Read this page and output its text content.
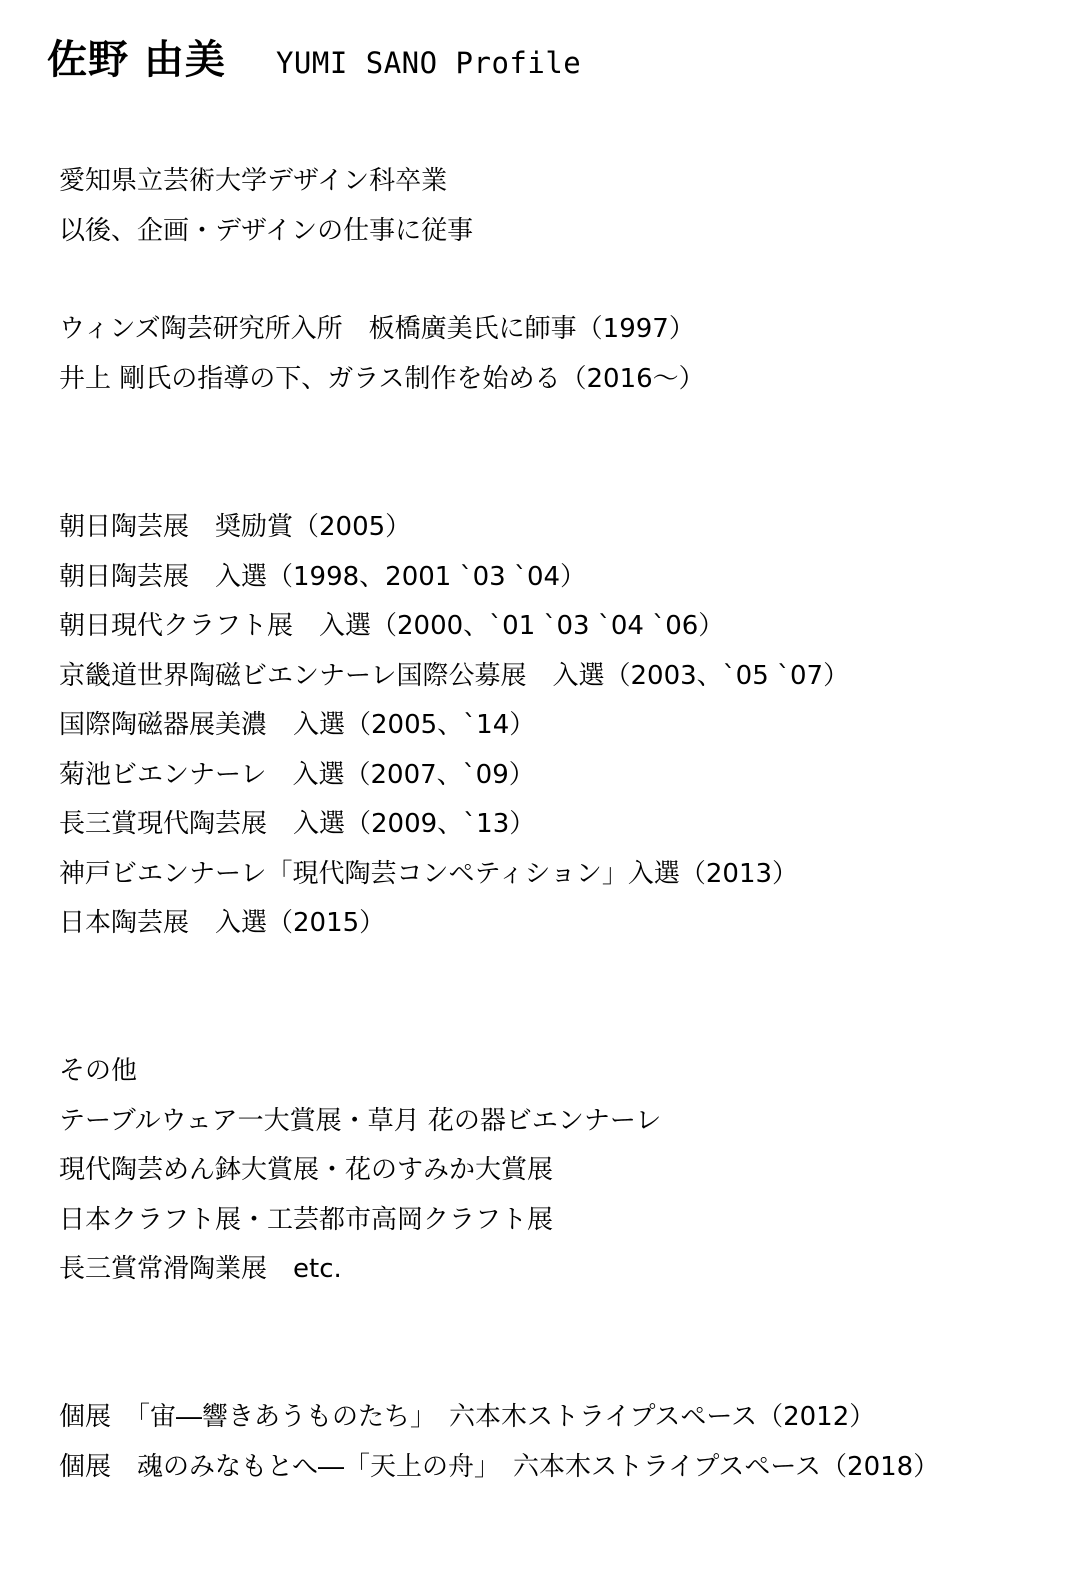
佐野 由美 YUMI SANO Profile
愛知県立芸術大学デザイン科卒業
以後、企画・デザインの仕事に従事
ウィンズ陶芸研究所入所　板橋廣美氏に師事（1997）
井上 剛氏の指導の下、ガラス制作を始める（2016～）
朝日陶芸展　奨励賞（2005）
朝日陶芸展　入選（1998、2001 `03 `04）
朝日現代クラフト展　入選（2000、`01 `03 `04 `06）
京畿道世界陶磁ビエンナーレ国際公募展　入選（2003、`05 `07）
国際陶磁器展美濃　入選（2005、`14）
菊池ビエンナーレ　入選（2007、`09）
長三賞現代陶芸展　入選（2009、`13）
神戸ビエンナーレ「現代陶芸コンペティション」入選（2013）
日本陶芸展　入選（2015）
その他
テーブルウェア一大賞展・草月 花の器ビエンナーレ
現代陶芸めん鉢大賞展・花のすみか大賞展
日本クラフト展・工芸都市高岡クラフト展
長三賞常滑陶業展　etc.
個展　「宙―響きあうものたち」　六本木ストライプスペース（2012）
個展　魂のみなもとへ―「天上の舟」　六本木ストライプスペース（2018）
